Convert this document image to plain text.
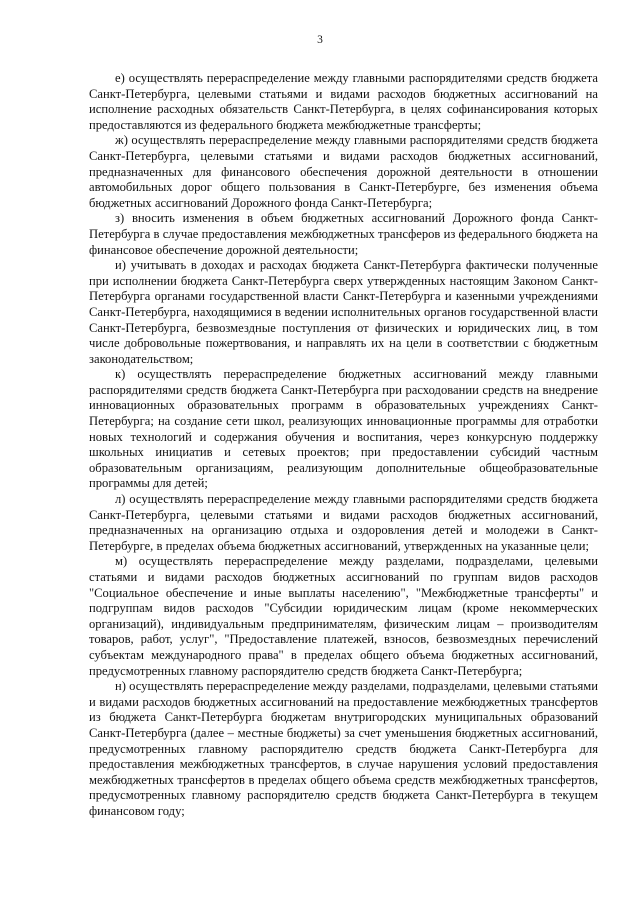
3

е) осуществлять перераспределение между главными распорядителями средств бюджета Санкт-Петербурга, целевыми статьями и видами расходов бюджетных ассигнований на исполнение расходных обязательств Санкт-Петербурга, в целях софинансирования которых предоставляются из федерального бюджета межбюджетные трансферты;

ж) осуществлять перераспределение между главными распорядителями средств бюджета Санкт-Петербурга, целевыми статьями и видами расходов бюджетных ассигнований, предназначенных для финансового обеспечения дорожной деятельности в отношении автомобильных дорог общего пользования в Санкт-Петербурге, без изменения объема бюджетных ассигнований Дорожного фонда Санкт-Петербурга;

з) вносить изменения в объем бюджетных ассигнований Дорожного фонда Санкт-Петербурга в случае предоставления межбюджетных трансферов из федерального бюджета на финансовое обеспечение дорожной деятельности;

и) учитывать в доходах и расходах бюджета Санкт-Петербурга фактически полученные при исполнении бюджета Санкт-Петербурга сверх утвержденных настоящим Законом Санкт-Петербурга органами государственной власти Санкт-Петербурга и казенными учреждениями Санкт-Петербурга, находящимися в ведении исполнительных органов государственной власти Санкт-Петербурга, безвозмездные поступления от физических и юридических лиц, в том числе добровольные пожертвования, и направлять их на цели в соответствии с бюджетным законодательством;

к) осуществлять перераспределение бюджетных ассигнований между главными распорядителями средств бюджета Санкт-Петербурга при расходовании средств на внедрение инновационных образовательных программ в образовательных учреждениях Санкт-Петербурга; на создание сети школ, реализующих инновационные программы для отработки новых технологий и содержания обучения и воспитания, через конкурсную поддержку школьных инициатив и сетевых проектов; при предоставлении субсидий частным образовательным организациям, реализующим дополнительные общеобразовательные программы для детей;

л) осуществлять перераспределение между главными распорядителями средств бюджета Санкт-Петербурга, целевыми статьями и видами расходов бюджетных ассигнований, предназначенных на организацию отдыха и оздоровления детей и молодежи в Санкт-Петербурге, в пределах объема бюджетных ассигнований, утвержденных на указанные цели;

м) осуществлять перераспределение между разделами, подразделами, целевыми статьями и видами расходов бюджетных ассигнований по группам видов расходов "Социальное обеспечение и иные выплаты населению", "Межбюджетные трансферты" и подгруппам видов расходов "Субсидии юридическим лицам (кроме некоммерческих организаций), индивидуальным предпринимателям, физическим лицам – производителям товаров, работ, услуг", "Предоставление платежей, взносов, безвозмездных перечислений субъектам международного права" в пределах общего объема бюджетных ассигнований, предусмотренных главному распорядителю средств бюджета Санкт-Петербурга;

н) осуществлять перераспределение между разделами, подразделами, целевыми статьями и видами расходов бюджетных ассигнований на предоставление межбюджетных трансфертов из бюджета Санкт-Петербурга бюджетам внутригородских муниципальных образований Санкт-Петербурга (далее – местные бюджеты) за счет уменьшения бюджетных ассигнований, предусмотренных главному распорядителю средств бюджета Санкт-Петербурга для предоставления межбюджетных трансфертов, в случае нарушения условий предоставления межбюджетных трансфертов в пределах общего объема средств межбюджетных трансфертов, предусмотренных главному распорядителю средств бюджета Санкт-Петербурга в текущем финансовом году;
